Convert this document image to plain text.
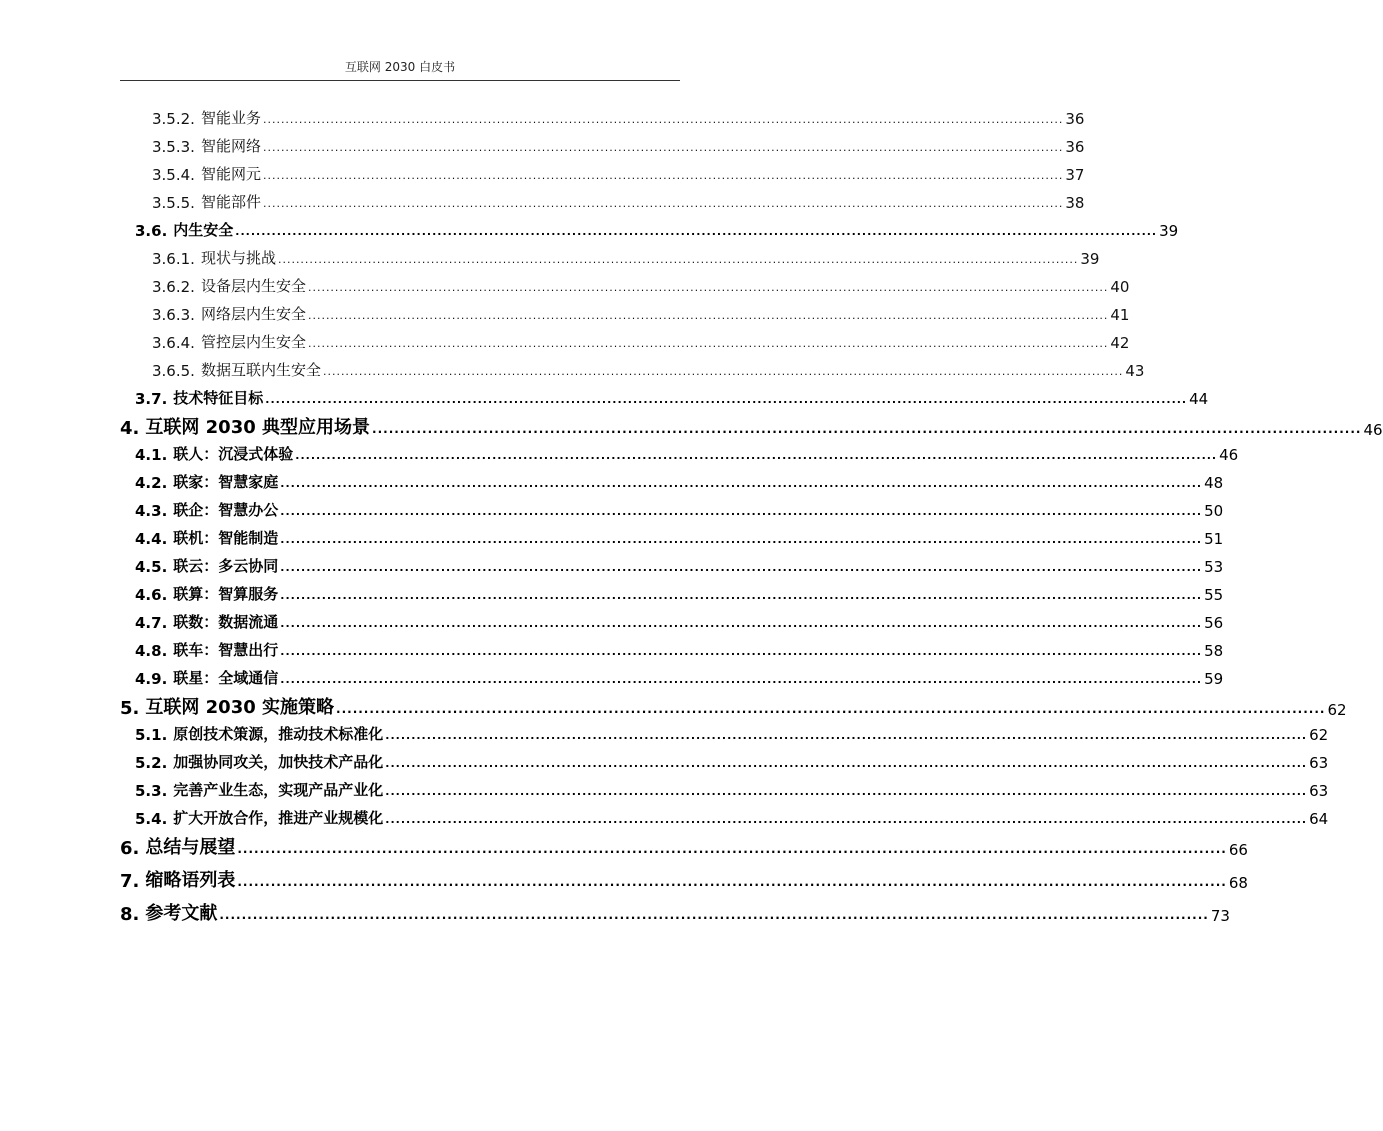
互联网 2030 白皮书
3.5.2. 智能业务 .................................................................................................................................................................................. 36
3.5.3. 智能网络 .................................................................................................................................................................................. 36
3.5.4. 智能网元 .................................................................................................................................................................................. 37
3.5.5. 智能部件 .................................................................................................................................................................................. 38
3.6. 内生安全 .................................................................................................................................................................................. 39
3.6.1. 现状与挑战 .................................................................................................................................................................................. 39
3.6.2. 设备层内生安全 .................................................................................................................................................................................. 40
3.6.3. 网络层内生安全 .................................................................................................................................................................................. 41
3.6.4. 管控层内生安全 .................................................................................................................................................................................. 42
3.6.5. 数据互联内生安全 .................................................................................................................................................................................. 43
3.7. 技术特征目标 .................................................................................................................................................................................. 44
4. 互联网 2030 典型应用场景 .................................................................................................................................................................................. 46
4.1. 联人：沉浸式体验 .................................................................................................................................................................................. 46
4.2. 联家：智慧家庭 .................................................................................................................................................................................. 48
4.3. 联企：智慧办公 .................................................................................................................................................................................. 50
4.4. 联机：智能制造 .................................................................................................................................................................................. 51
4.5. 联云：多云协同 .................................................................................................................................................................................. 53
4.6. 联算：智算服务 .................................................................................................................................................................................. 55
4.7. 联数：数据流通 .................................................................................................................................................................................. 56
4.8. 联车：智慧出行 .................................................................................................................................................................................. 58
4.9. 联星：全域通信 .................................................................................................................................................................................. 59
5. 互联网 2030 实施策略 .................................................................................................................................................................................. 62
5.1. 原创技术策源，推动技术标准化 .................................................................................................................................................................................. 62
5.2. 加强协同攻关，加快技术产品化 .................................................................................................................................................................................. 63
5.3. 完善产业生态，实现产品产业化 .................................................................................................................................................................................. 63
5.4. 扩大开放合作，推进产业规模化 .................................................................................................................................................................................. 64
6. 总结与展望 .................................................................................................................................................................................. 66
7. 缩略语列表 .................................................................................................................................................................................. 68
8. 参考文献 .................................................................................................................................................................................. 73
